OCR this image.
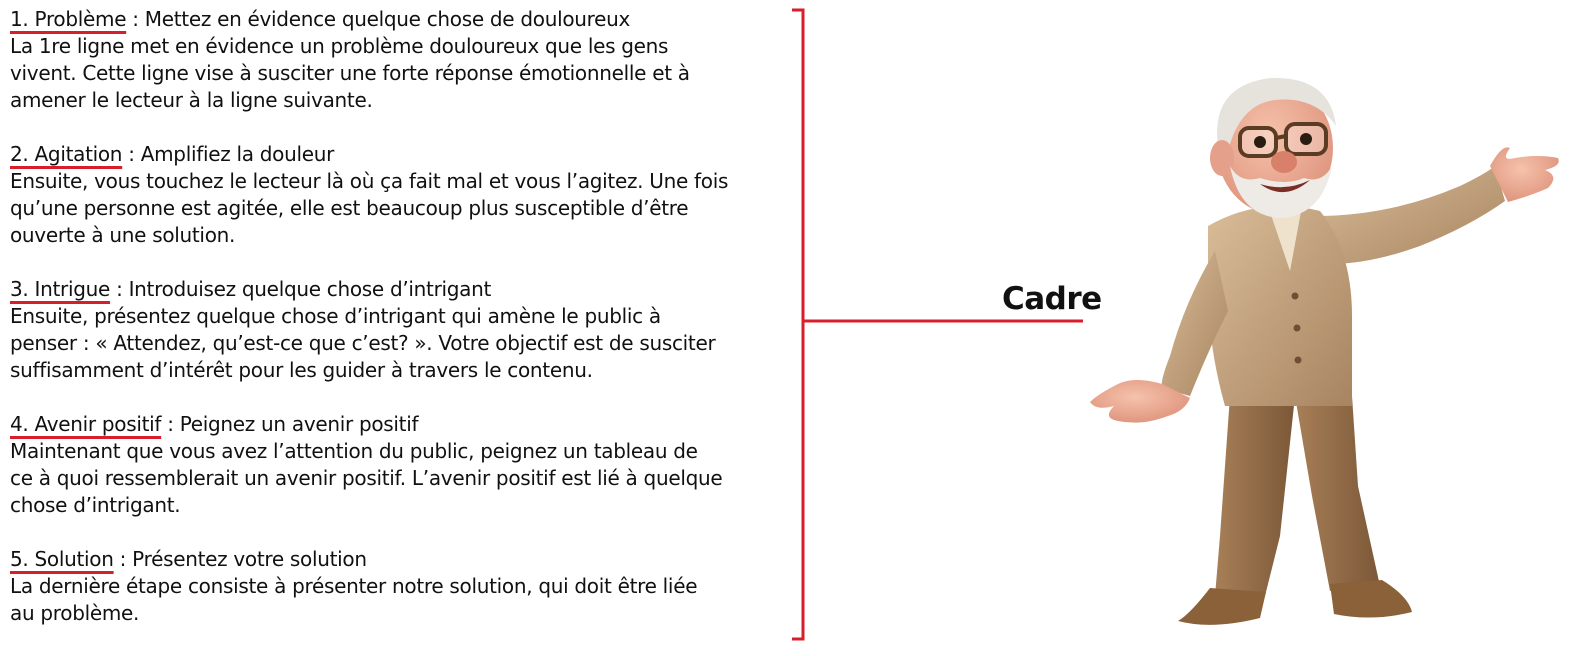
1. Problème : Mettez en évidence quelque chose de douloureux
La 1re ligne met en évidence un problème douloureux que les gens
vivent. Cette ligne vise à susciter une forte réponse émotionnelle et à
amener le lecteur à la ligne suivante.
2. Agitation : Amplifiez la douleur
Ensuite, vous touchez le lecteur là où ça fait mal et vous l’agitez. Une fois
qu’une personne est agitée, elle est beaucoup plus susceptible d’être
ouverte à une solution.
3. Intrigue : Introduisez quelque chose d’intrigant
Ensuite, présentez quelque chose d’intrigant qui amène le public à
penser : « Attendez, qu’est-ce que c’est? ». Votre objectif est de susciter
suffisamment d’intérêt pour les guider à travers le contenu.
4. Avenir positif : Peignez un avenir positif
Maintenant que vous avez l’attention du public, peignez un tableau de
ce à quoi ressemblerait un avenir positif. L’avenir positif est lié à quelque
chose d’intrigant.
5. Solution : Présentez votre solution
La dernière étape consiste à présenter notre solution, qui doit être liée
au problème.
Cadre
